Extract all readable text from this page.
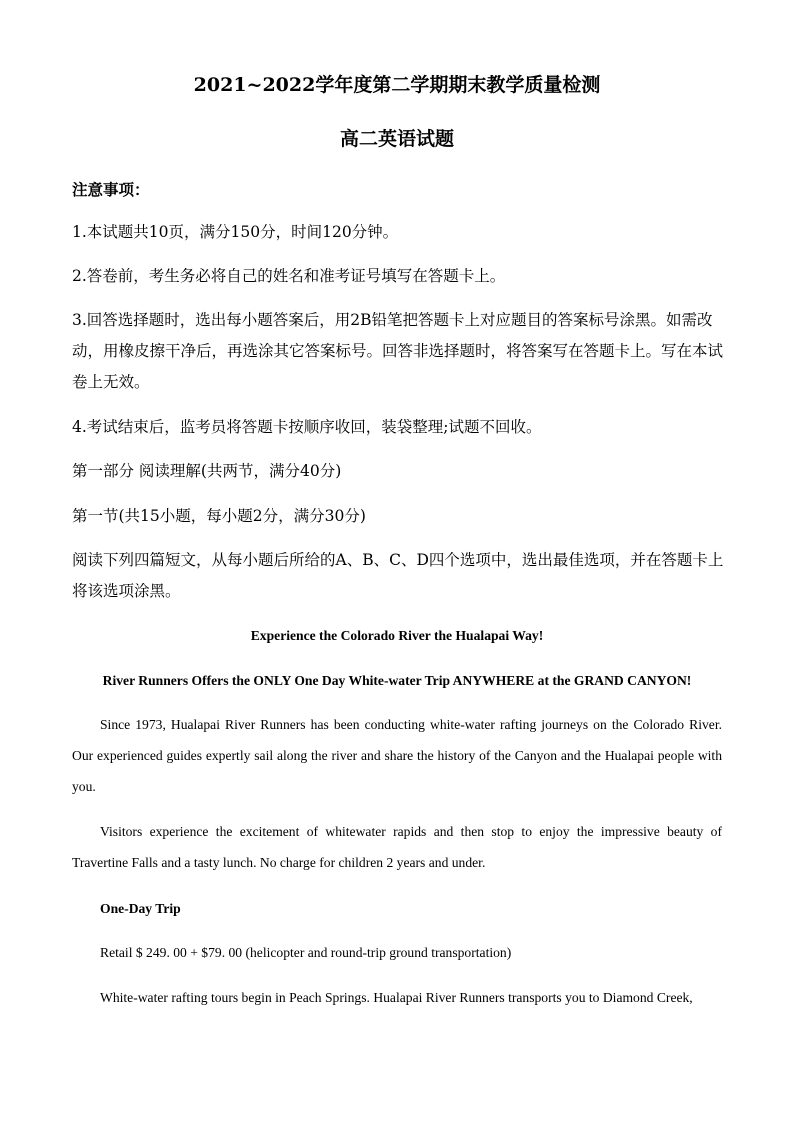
2021~2022学年度第二学期期末教学质量检测
高二英语试题
注意事项：
1.本试题共10页，满分150分，时间120分钟。
2.答卷前，考生务必将自己的姓名和准考证号填写在答题卡上。
3.回答选择题时，选出每小题答案后，用2B铅笔把答题卡上对应题目的答案标号涂黑。如需改动，用橡皮擦干净后，再选涂其它答案标号。回答非选择题时，将答案写在答题卡上。写在本试卷上无效。
4.考试结束后，监考员将答题卡按顺序收回，装袋整理;试题不回收。
第一部分 阅读理解(共两节，满分40分)
第一节(共15小题，每小题2分，满分30分)
阅读下列四篇短文，从每小题后所给的A、B、C、D四个选项中，选出最佳选项，并在答题卡上将该选项涂黑。
Experience the Colorado River the Hualapai Way!
River Runners Offers the ONLY One Day White-water Trip ANYWHERE at the GRAND CANYON!
Since 1973, Hualapai River Runners has been conducting white-water rafting journeys on the Colorado River. Our experienced guides expertly sail along the river and share the history of the Canyon and the Hualapai people with you.
Visitors experience the excitement of whitewater rapids and then stop to enjoy the impressive beauty of Travertine Falls and a tasty lunch. No charge for children 2 years and under.
One-Day Trip
Retail $ 249. 00 + $79. 00 (helicopter and round-trip ground transportation)
White-water rafting tours begin in Peach Springs. Hualapai River Runners transports you to Diamond Creek,
